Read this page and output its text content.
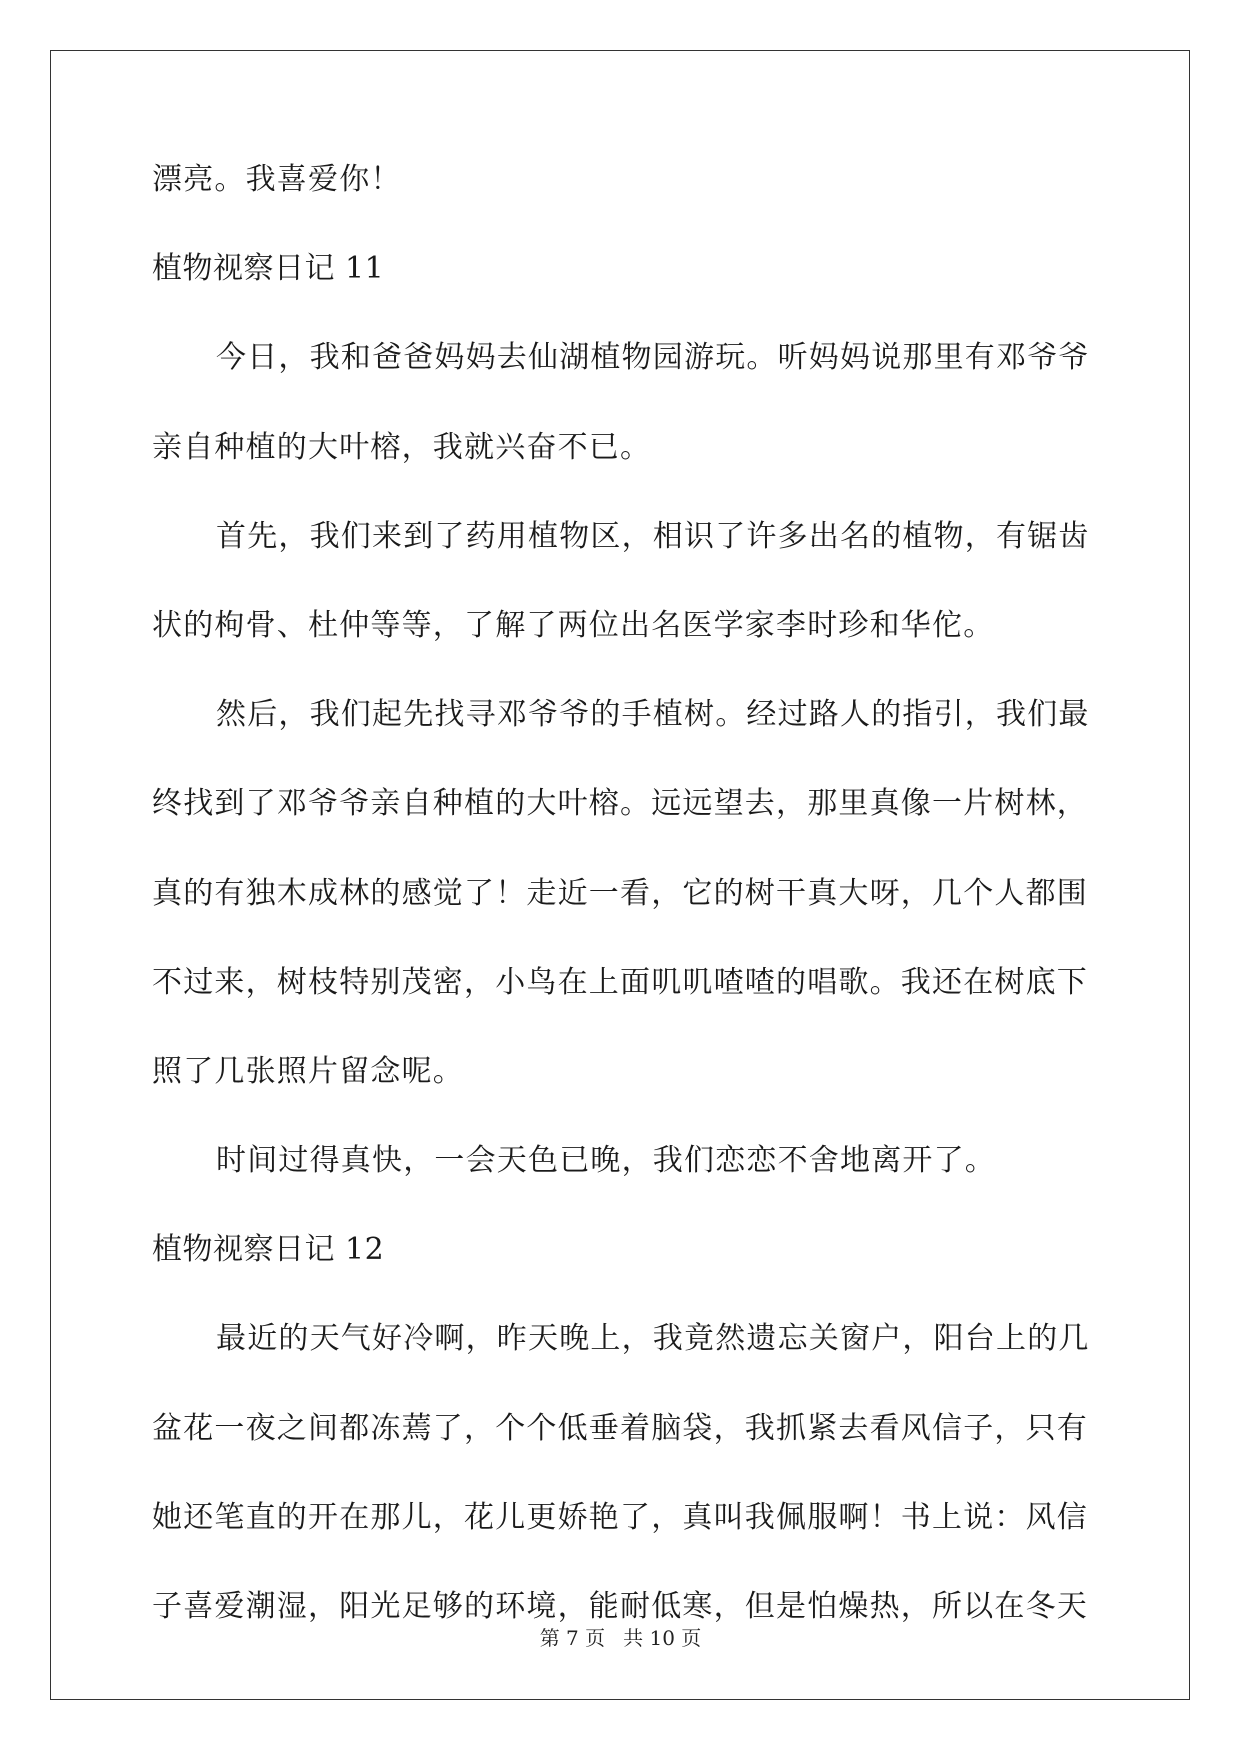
漂亮。我喜爱你！

植物视察日记 11

今日，我和爸爸妈妈去仙湖植物园游玩。听妈妈说那里有邓爷爷

亲自种植的大叶榕，我就兴奋不已。

首先，我们来到了药用植物区，相识了许多出名的植物，有锯齿

状的枸骨、杜仲等等，了解了两位出名医学家李时珍和华佗。

然后，我们起先找寻邓爷爷的手植树。经过路人的指引，我们最

终找到了邓爷爷亲自种植的大叶榕。远远望去，那里真像一片树林，

真的有独木成林的感觉了！走近一看，它的树干真大呀，几个人都围

不过来，树枝特别茂密，小鸟在上面叽叽喳喳的唱歌。我还在树底下

照了几张照片留念呢。

时间过得真快，一会天色已晚，我们恋恋不舍地离开了。

植物视察日记 12

最近的天气好冷啊，昨天晚上，我竟然遗忘关窗户，阳台上的几

盆花一夜之间都冻蔫了，个个低垂着脑袋，我抓紧去看风信子，只有

她还笔直的开在那儿，花儿更娇艳了，真叫我佩服啊！书上说：风信

子喜爱潮湿，阳光足够的环境，能耐低寒，但是怕燥热，所以在冬天

第 7 页 共 10 页
